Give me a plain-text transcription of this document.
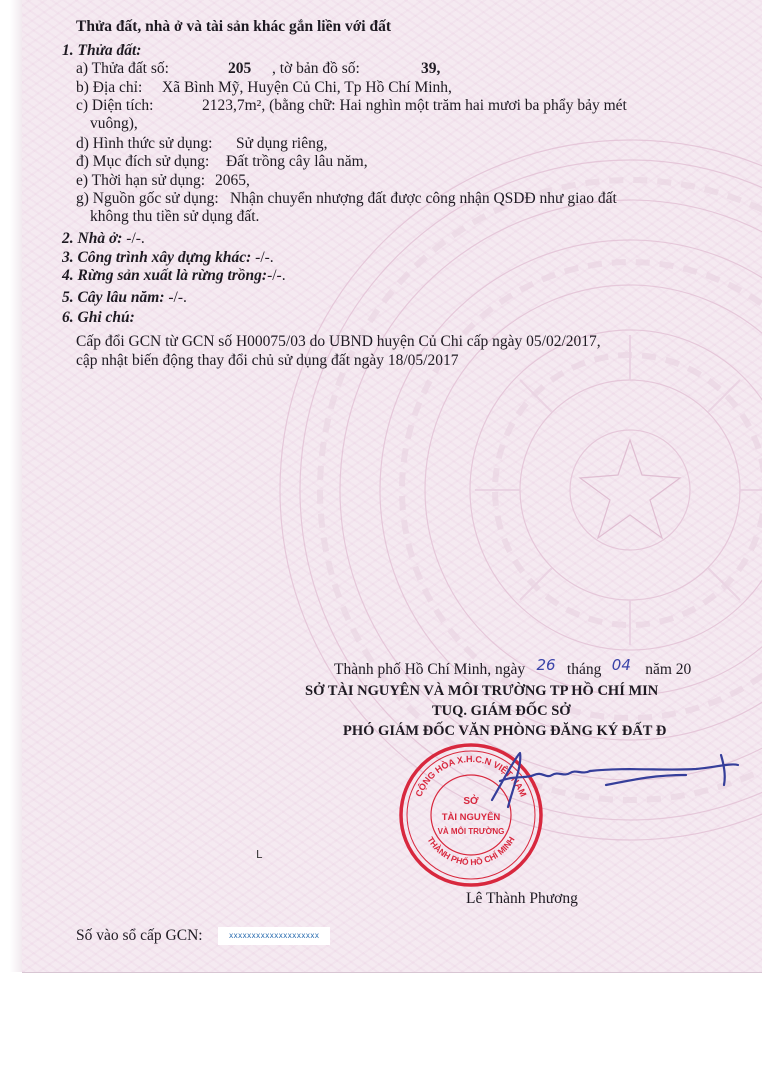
Thửa đất, nhà ở và tài sản khác gắn liền với đất
1. Thửa đất:
a) Thửa đất số:	205 , tờ bản đồ số:	39,
b) Địa chỉ: Xã Bình Mỹ, Huyện Củ Chi, Tp Hồ Chí Minh,
c) Diện tích:	2123,7m², (bằng chữ: Hai nghìn một trăm hai mươi ba phẩy bảy mét
vuông),
d) Hình thức sử dụng: Sử dụng riêng,
đ) Mục đích sử dụng: Đất trồng cây lâu năm,
e) Thời hạn sử dụng: 2065,
g) Nguồn gốc sử dụng: Nhận chuyển nhượng đất được công nhận QSDĐ như giao đất
không thu tiền sử dụng đất.
2. Nhà ở: -/-.
3. Công trình xây dựng khác: -/-.
4. Rừng sản xuất là rừng trồng:-/-.
5. Cây lâu năm: -/-.
6. Ghi chú:
Cấp đổi GCN từ GCN số H00075/03 do UBND huyện Củ Chi cấp ngày 05/02/2017,
cập nhật biến động thay đổi chủ sử dụng đất ngày 18/05/2017
Thành phố Hồ Chí Minh, ngày 26 tháng 04 năm 20
SỞ TÀI NGUYÊN VÀ MÔI TRƯỜNG TP HỒ CHÍ MIN
TUQ. GIÁM ĐỐC SỞ
PHÓ GIÁM ĐỐC VĂN PHÒNG ĐĂNG KÝ ĐẤT Đ
CỘNG HÒA X.H.C.N VIỆT NAM
THÀNH PHỐ HỒ CHÍ MINH
SỞ
TÀI NGUYÊN
VÀ MÔI TRƯỜNG
Lê Thành Phương
L
Số vào sổ cấp GCN:	xxxxxxxxxxxxxxxxxxxx
